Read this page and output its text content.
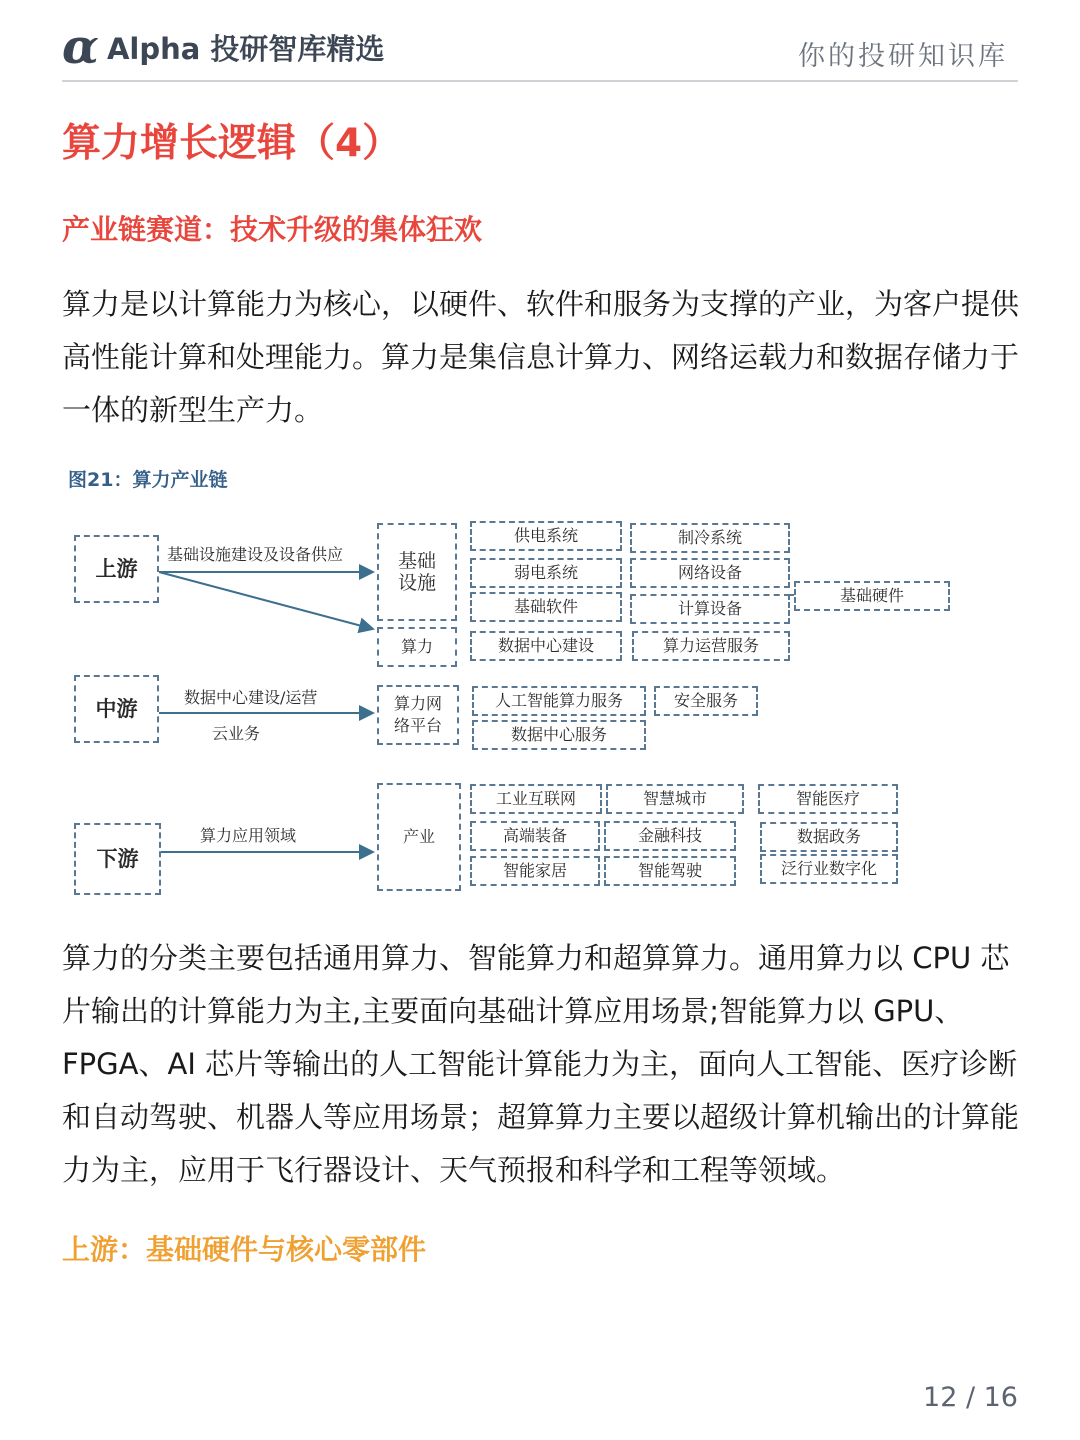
α Alpha 投研智库精选	你的投研知识库
算力增长逻辑（4）
产业链赛道：技术升级的集体狂欢
算力是以计算能力为核心，以硬件、软件和服务为支撑的产业，为客户提供高性能计算和处理能力。算力是集信息计算力、网络运载力和数据存储力于一体的新型生产力。
图21：算力产业链
上游
基础设施建设及设备供应	基础设施
算力
供电系统	制冷系统
弱电系统	网络设备
基础软件	计算设备
基础硬件
数据中心建设	算力运营服务
中游	数据中心建设/运营
云业务
算力网络平台
人工智能算力服务	安全服务
数据中心服务
下游
算力应用领域	产业
工业互联网	智慧城市	智能医疗
高端装备	金融科技	数据政务
智能家居	智能驾驶	泛行业数字化
算力的分类主要包括通用算力、智能算力和超算算力。通用算力以 CPU 芯片输出的计算能力为主,主要面向基础计算应用场景;智能算力以 GPU、FPGA、AI 芯片等输出的人工智能计算能力为主，面向人工智能、医疗诊断和自动驾驶、机器人等应用场景；超算算力主要以超级计算机输出的计算能力为主，应用于飞行器设计、天气预报和科学和工程等领域。
上游：基础硬件与核心零部件
12 / 16
